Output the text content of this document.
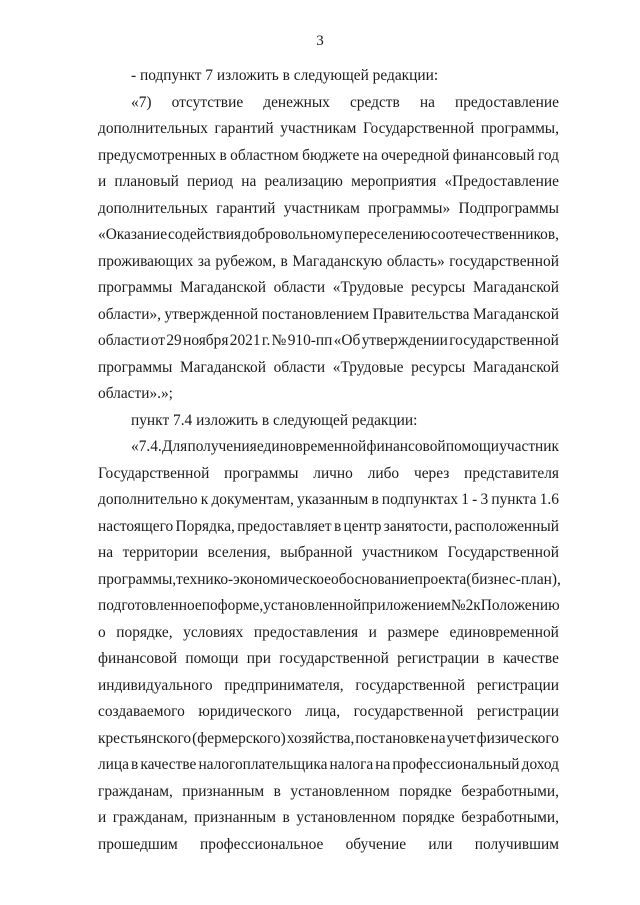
3
- подпункт 7 изложить в следующей редакции:
«7) отсутствие денежных средств на предоставление
дополнительных гарантий участникам Государственной программы,
предусмотренных в областном бюджете на очередной финансовый год
и плановый период на реализацию мероприятия «Предоставление
дополнительных гарантий участникам программы» Подпрограммы
«Оказание содействия добровольному переселению соотечественников,
проживающих за рубежом, в Магаданскую область» государственной
программы Магаданской области «Трудовые ресурсы Магаданской
области», утвержденной постановлением Правительства Магаданской
области от 29 ноября 2021 г. № 910-пп «Об утверждении государственной
программы Магаданской области «Трудовые ресурсы Магаданской
области».»;
пункт 7.4 изложить в следующей редакции:
«7.4. Для получения единовременной финансовой помощи участник
Государственной программы лично либо через представителя
дополнительно к документам, указанным в подпунктах 1 - 3 пункта 1.6
настоящего Порядка, предоставляет в центр занятости, расположенный
на территории вселения, выбранной участником Государственной
программы, технико-экономическое обоснование проекта (бизнес-план),
подготовленное по форме, установленной приложением № 2 к Положению
о порядке, условиях предоставления и размере единовременной
финансовой помощи при государственной регистрации в качестве
индивидуального предпринимателя, государственной регистрации
создаваемого юридического лица, государственной регистрации
крестьянского (фермерского) хозяйства, постановке на учет физического
лица в качестве налогоплательщика налога на профессиональный доход
гражданам, признанным в установленном порядке безработными,
и гражданам, признанным в установленном порядке безработными,
прошедшим профессиональное обучение или получившим
